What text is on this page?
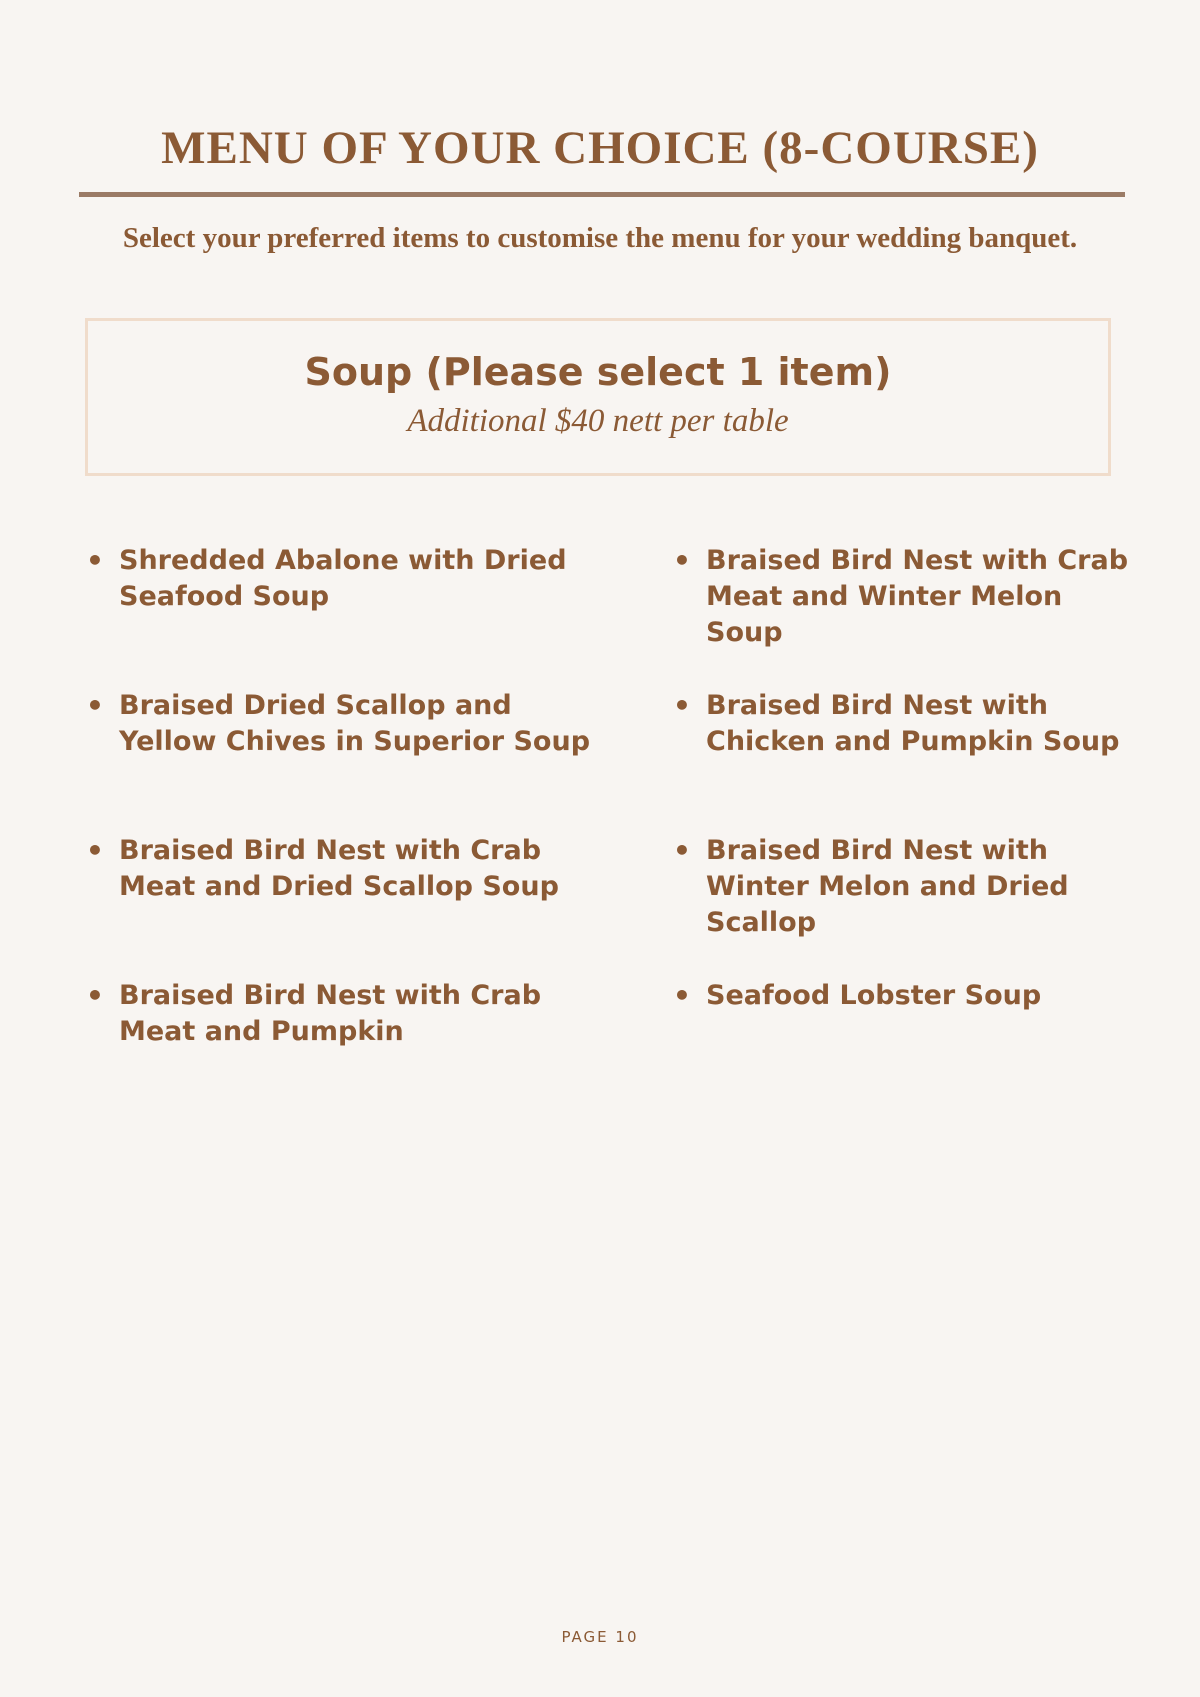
MENU OF YOUR CHOICE (8-COURSE)

Select your preferred items to customise the menu for your wedding banquet.

Soup (Please select 1 item)

Additional $40 nett per table

• Shredded Abalone with Dried Seafood Soup
• Braised Dried Scallop and Yellow Chives in Superior Soup
• Braised Bird Nest with Crab Meat and Dried Scallop Soup
• Braised Bird Nest with Crab Meat and Pumpkin
• Braised Bird Nest with Crab Meat and Winter Melon Soup
• Braised Bird Nest with Chicken and Pumpkin Soup
• Braised Bird Nest with Winter Melon and Dried Scallop
• Seafood Lobster Soup
PAGE 10
